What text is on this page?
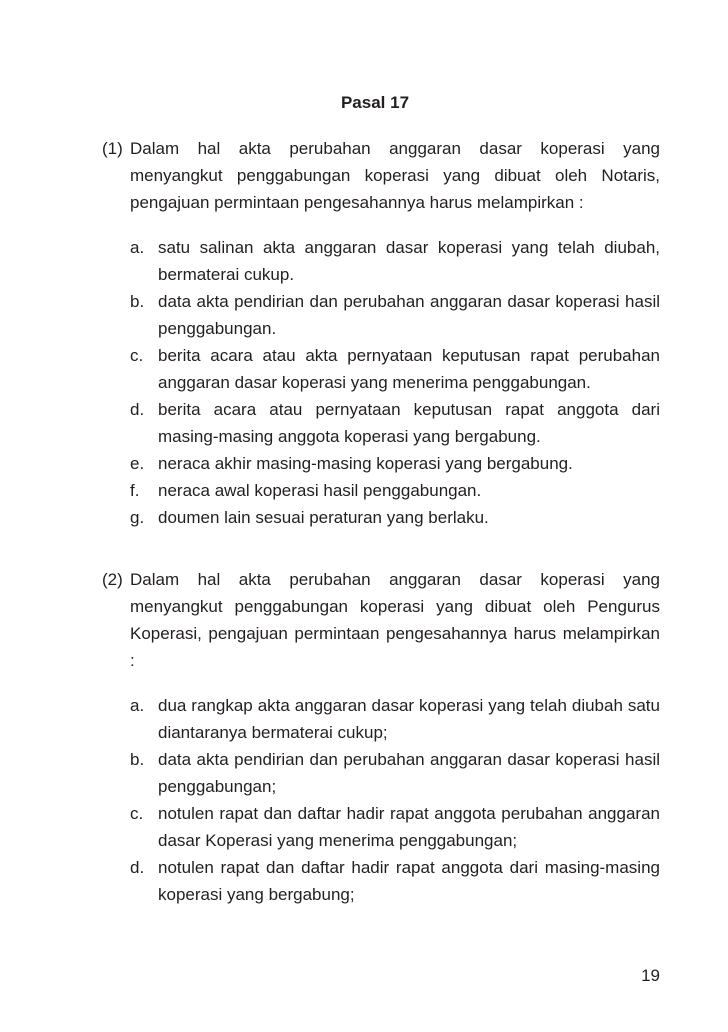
Pasal 17
(1) Dalam hal akta perubahan anggaran dasar koperasi yang menyangkut penggabungan koperasi yang dibuat oleh Notaris, pengajuan permintaan pengesahannya harus melampirkan :
a. satu salinan akta anggaran dasar koperasi yang telah diubah, bermaterai cukup.
b. data akta pendirian dan perubahan anggaran dasar koperasi hasil penggabungan.
c. berita acara atau akta pernyataan keputusan rapat perubahan anggaran dasar koperasi yang menerima penggabungan.
d. berita acara atau pernyataan keputusan rapat anggota dari masing-masing anggota koperasi yang bergabung.
e. neraca akhir masing-masing koperasi yang bergabung.
f. neraca awal koperasi hasil penggabungan.
g. doumen lain sesuai peraturan yang berlaku.
(2) Dalam hal akta perubahan anggaran dasar koperasi yang menyangkut penggabungan koperasi yang dibuat oleh Pengurus Koperasi, pengajuan permintaan pengesahannya harus melampirkan :
a. dua rangkap akta anggaran dasar koperasi yang telah diubah satu diantaranya bermaterai cukup;
b. data akta pendirian dan perubahan anggaran dasar koperasi hasil penggabungan;
c. notulen rapat dan daftar hadir rapat anggota perubahan anggaran dasar Koperasi yang menerima penggabungan;
d. notulen rapat dan daftar hadir rapat anggota dari masing-masing koperasi yang bergabung;
19
